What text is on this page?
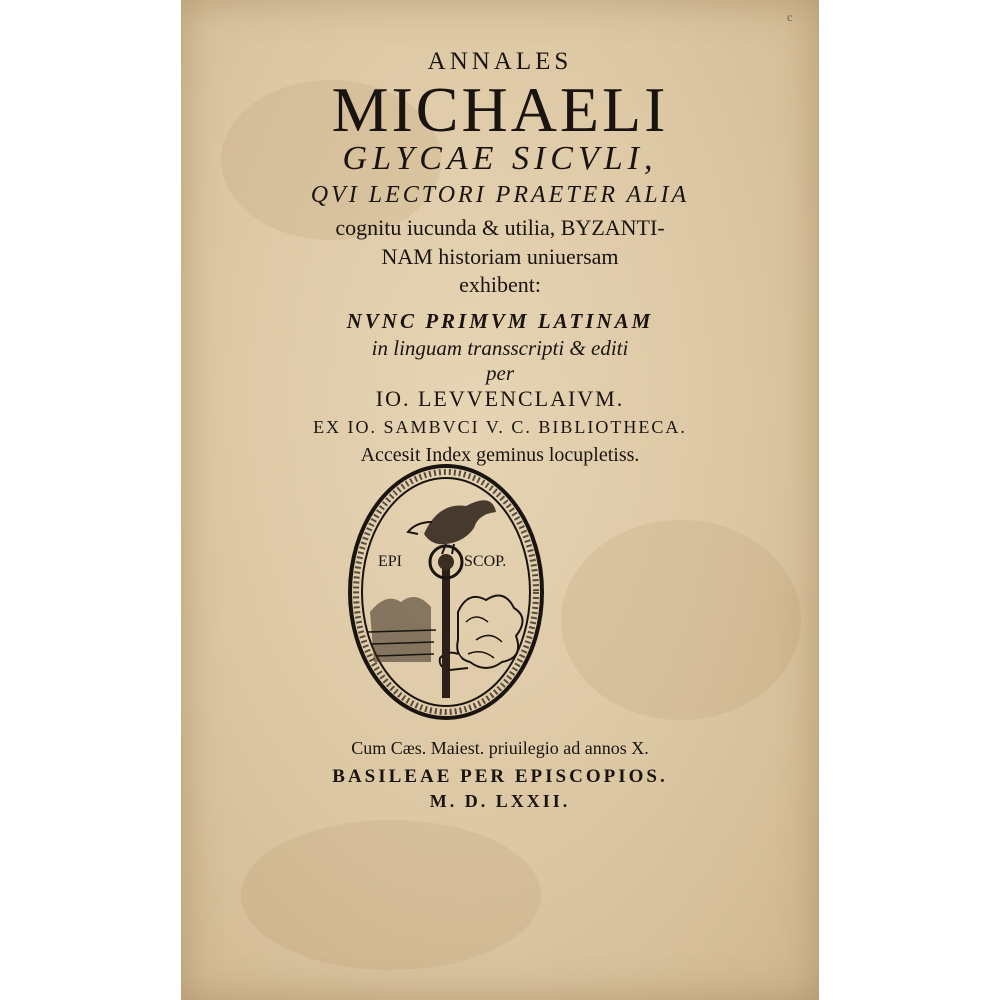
c

ANNALES

MICHAELI

GLYCAE SICVLI,

QVI LECTORI PRAETER ALIA

cognitu iucunda & utilia, BYZANTI-

NAM historiam uniuersam

exhibent:

NVNC PRIMVM LATINAM

in linguam transscripti & editi

per

IO. LEVVENCLAIVM.

EX IO. SAMBVCI V. C. BIBLIOTHECA.

Accesit Index geminus locupletiss.

EPI	SCOP.

Cum Cæs. Maiest. priuilegio ad annos X.

BASILEAE PER EPISCOPIOS.

M. D. LXXII.
